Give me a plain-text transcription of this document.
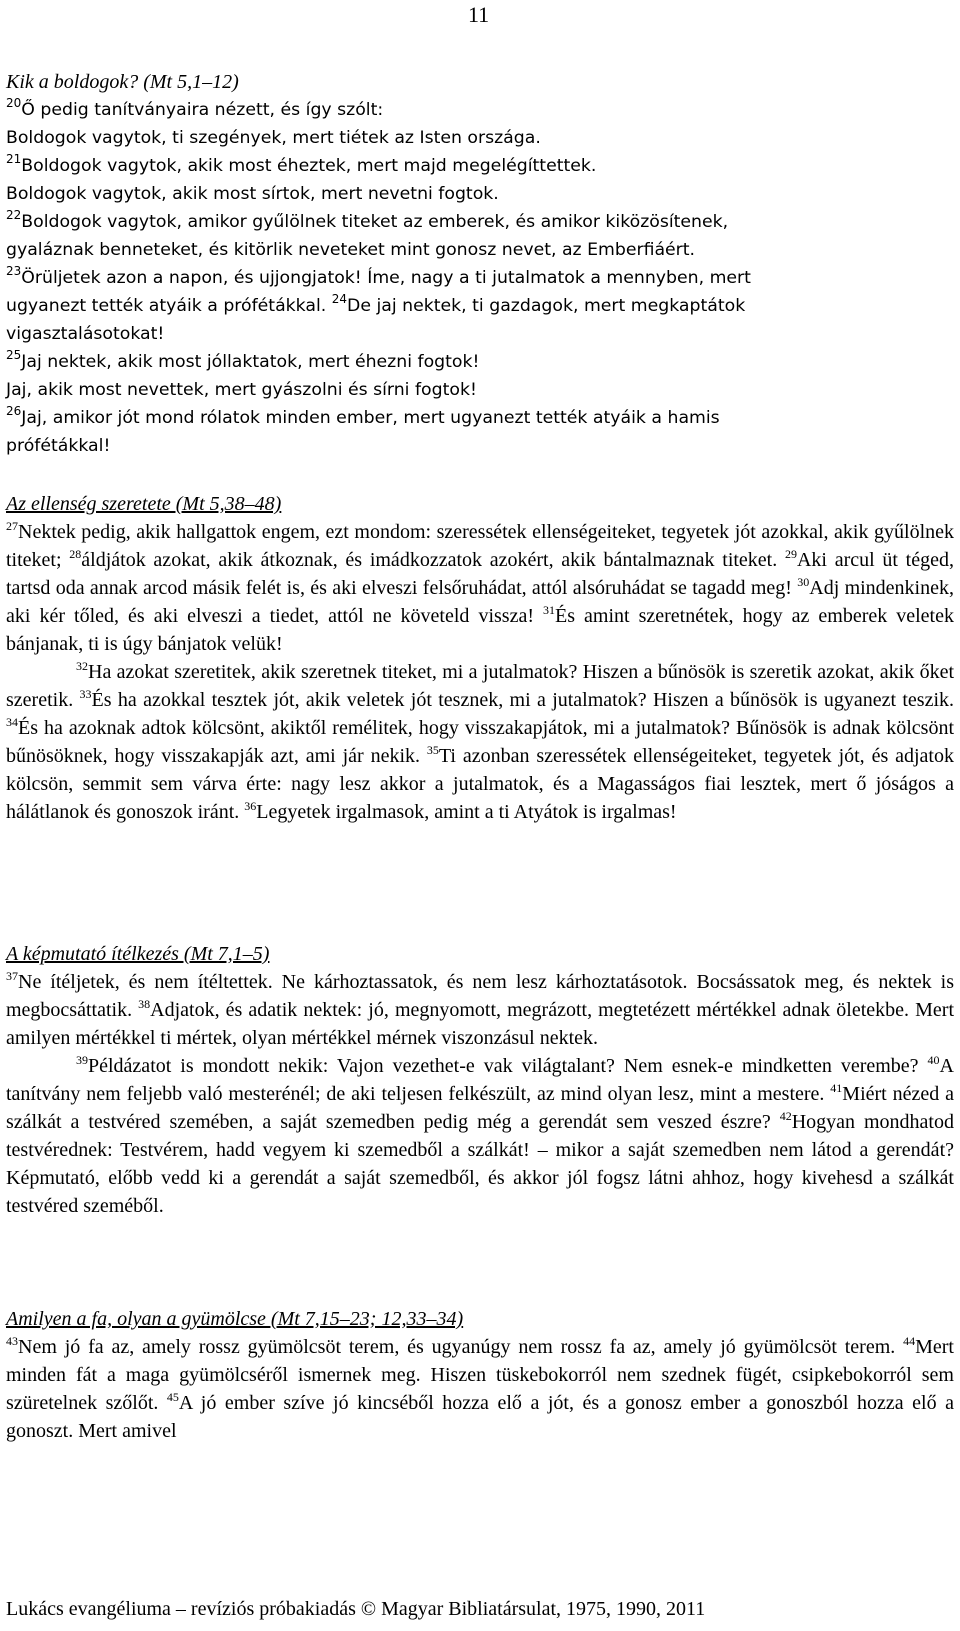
11
Kik a boldogok? (Mt 5,1–12)
$^{20}$Ő pedig tanítványaira nézett, és így szólt:
Boldogok vagytok, ti szegények, mert tiétek az Isten országa.
$^{21}$Boldogok vagytok, akik most éheztek, mert majd megelégíttettek.
Boldogok vagytok, akik most sírtok, mert nevetni fogtok.
$^{22}$Boldogok vagytok, amikor gyűlölnek titeket az emberek, és amikor kiközösítenek,
gyaláznak benneteket, és kitörlik neveteket mint gonosz nevet, az Emberfiáért.
$^{23}$Örüljetek azon a napon, és ujjongjatok! Íme, nagy a ti jutalmatok a mennyben, mert
ugyanezt tették atyáik a prófétákkal. $^{24}$De jaj nektek, ti gazdagok, mert megkaptátok
vigasztalásotokat!
$^{25}$Jaj nektek, akik most jóllaktatok, mert éhezni fogtok!
Jaj, akik most nevettek, mert gyászolni és sírni fogtok!
$^{26}$Jaj, amikor jót mond rólatok minden ember, mert ugyanezt tették atyáik a hamis
prófétákkal!
Az ellenség szeretete (Mt 5,38–48)
$^{27}$Nektek pedig, akik hallgattok engem, ezt mondom: szeressétek ellenségeiteket, tegyetek jót azokkal, akik gyűlölnek titeket; $^{28}$áldjátok azokat, akik átkoznak, és imádkozzatok azokért, akik bántalmaznak titeket. $^{29}$Aki arcul üt téged, tartsd oda annak arcod másik felét is, és aki elveszi felsőruhádat, attól alsóruhádat se tagadd meg! $^{30}$Adj mindenkinek, aki kér tőled, és aki elveszi a tiedet, attól ne követeld vissza! $^{31}$És amint szeretnétek, hogy az emberek veletek bánjanak, ti is úgy bánjatok velük!
$^{32}$Ha azokat szeretitek, akik szeretnek titeket, mi a jutalmatok? Hiszen a bűnösök is szeretik azokat, akik őket szeretik. $^{33}$És ha azokkal tesztek jót, akik veletek jót tesznek, mi a jutalmatok? Hiszen a bűnösök is ugyanezt teszik. $^{34}$És ha azoknak adtok kölcsönt, akiktől remélitek, hogy visszakapjátok, mi a jutalmatok? Bűnösök is adnak kölcsönt bűnösöknek, hogy visszakapják azt, ami jár nekik. $^{35}$Ti azonban szeressétek ellenségeiteket, tegyetek jót, és adjatok kölcsön, semmit sem várva érte: nagy lesz akkor a jutalmatok, és a Magasságos fiai lesztek, mert ő jóságos a hálátlanok és gonoszok iránt. $^{36}$Legyetek irgalmasok, amint a ti Atyátok is irgalmas!
A képmutató ítélkezés (Mt 7,1–5)
$^{37}$Ne ítéljetek, és nem ítéltettek. Ne kárhoztassatok, és nem lesz kárhoztatásotok. Bocsássatok meg, és nektek is megbocsáttatik. $^{38}$Adjatok, és adatik nektek: jó, megnyomott, megrázott, megtetézett mértékkel adnak öletekbe. Mert amilyen mértékkel ti mértek, olyan mértékkel mérnek viszonzásul nektek.
$^{39}$Példázatot is mondott nekik: Vajon vezethet-e vak világtalant? Nem esnek-e mindketten verembe? $^{40}$A tanítvány nem feljebb való mesterénél; de aki teljesen felkészült, az mind olyan lesz, mint a mestere. $^{41}$Miért nézed a szálkát a testvéred szemében, a saját szemedben pedig még a gerendát sem veszed észre? $^{42}$Hogyan mondhatod testvérednek: Testvérem, hadd vegyem ki szemedből a szálkát! – mikor a saját szemedben nem látod a gerendát? Képmutató, előbb vedd ki a gerendát a saját szemedből, és akkor jól fogsz látni ahhoz, hogy kivehesd a szálkát testvéred szeméből.
Amilyen a fa, olyan a gyümölcse (Mt 7,15–23; 12,33–34)
$^{43}$Nem jó fa az, amely rossz gyümölcsöt terem, és ugyanúgy nem rossz fa az, amely jó gyümölcsöt terem. $^{44}$Mert minden fát a maga gyümölcséről ismernek meg. Hiszen tüskebokorról nem szednek fügét, csipkebokorról sem szüretelnek szőlőt. $^{45}$A jó ember szíve jó kincséből hozza elő a jót, és a gonosz ember a gonoszból hozza elő a gonoszt. Mert amivel
Lukács evangéliuma – revíziós próbakiadás © Magyar Bibliatársulat, 1975, 1990, 2011
